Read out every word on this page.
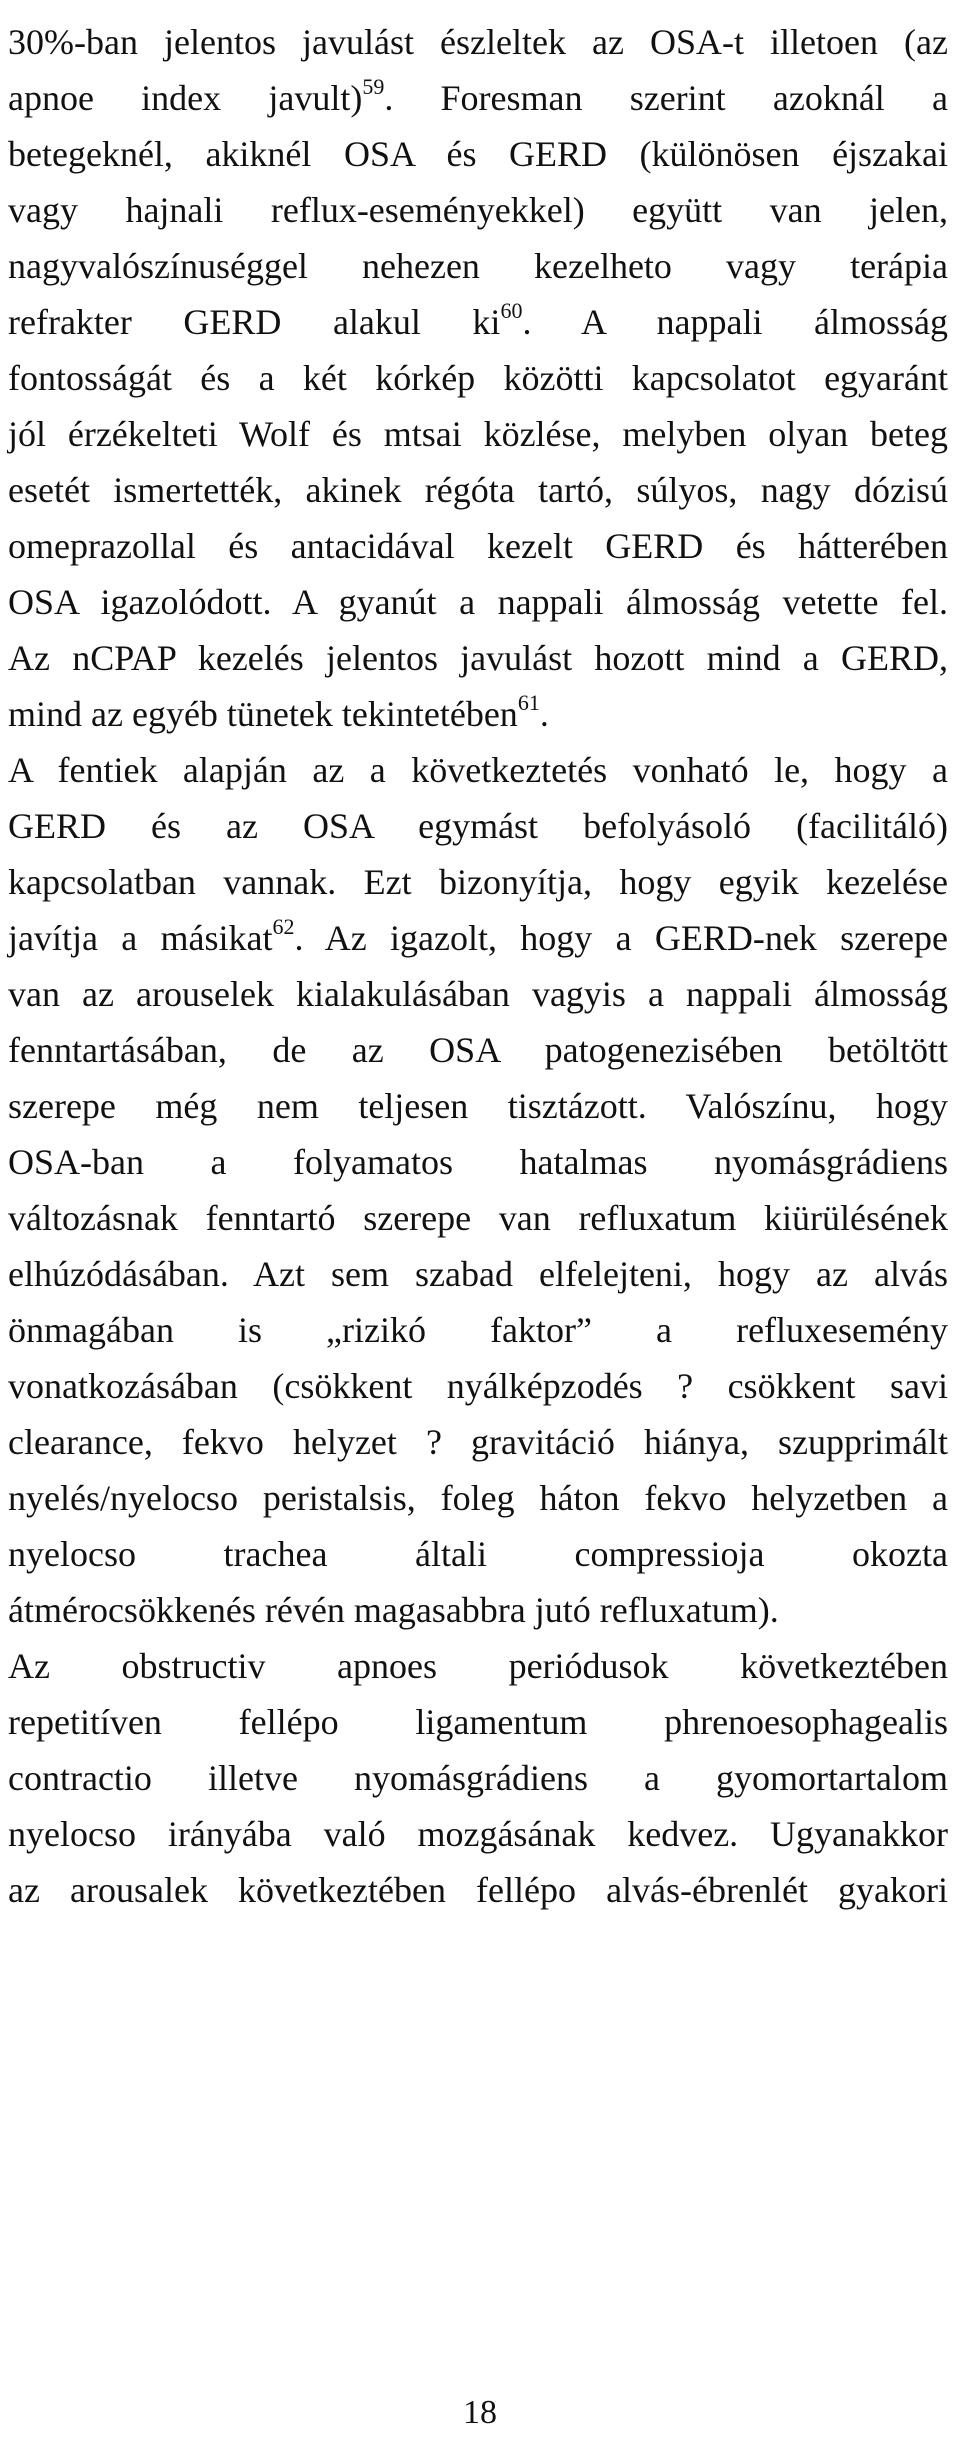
30%-ban jelentos javulást észleltek az OSA-t illetoen (az
apnoe index javult)$^{59}$. Foresman szerint azoknál a
betegeknél, akiknél OSA és GERD (különösen éjszakai
vagy hajnali reflux-eseményekkel) együtt van jelen,
nagyvalószínuséggel nehezen kezelheto vagy terápia
refrakter GERD alakul $ki^{60}$. A nappali álmosság
fontosságát és a két kórkép közötti kapcsolatot egyaránt
jól érzékelteti Wolf és mtsai közlése, melyben olyan beteg
esetét ismertették, akinek régóta tartó, súlyos, nagy dózisú
omeprazollal és antacidával kezelt GERD és hátterében
OSA igazolódott. A gyanút a nappali álmosság vetette fel.
Az nCPAP kezelés jelentos javulást hozott mind a GERD,
mind az egyéb tünetek tekintetében$^{61}$.
A fentiek alapján az a következtetés vonható le, hogy a
GERD és az OSA egymást befolyásoló (facilitáló)
kapcsolatban vannak. Ezt bizonyítja, hogy egyik kezelése
javítja a másikat$^{62}$. Az igazolt, hogy a GERD-nek szerepe
van az arouselek kialakulásában vagyis a nappali álmosság
fenntartásában, de az OSA patogenezisében betöltött
szerepe még nem teljesen tisztázott. Valószínu, hogy
OSA-ban a folyamatos hatalmas nyomásgrádiens
változásnak fenntartó szerepe van refluxatum kiürülésének
elhúzódásában. Azt sem szabad elfelejteni, hogy az alvás
önmagában is „rizikó faktor” a refluxesemény
vonatkozásában (csökkent nyálképzodés ? csökkent savi
clearance, fekvo helyzet ? gravitáció hiánya, szupprimált
nyelés/nyelocso peristalsis, foleg háton fekvo helyzetben a
nyelocso trachea általi compressioja okozta
átmérocsökkenés révén magasabbra jutó refluxatum).
Az obstructiv apnoes periódusok következtében
repetitíven fellépo ligamentum phrenoesophagealis
contractio illetve nyomásgrádiens a gyomortartalom
nyelocso irányába való mozgásának kedvez. Ugyanakkor
az arousalek következtében fellépo alvás-ébrenlét gyakori
18
